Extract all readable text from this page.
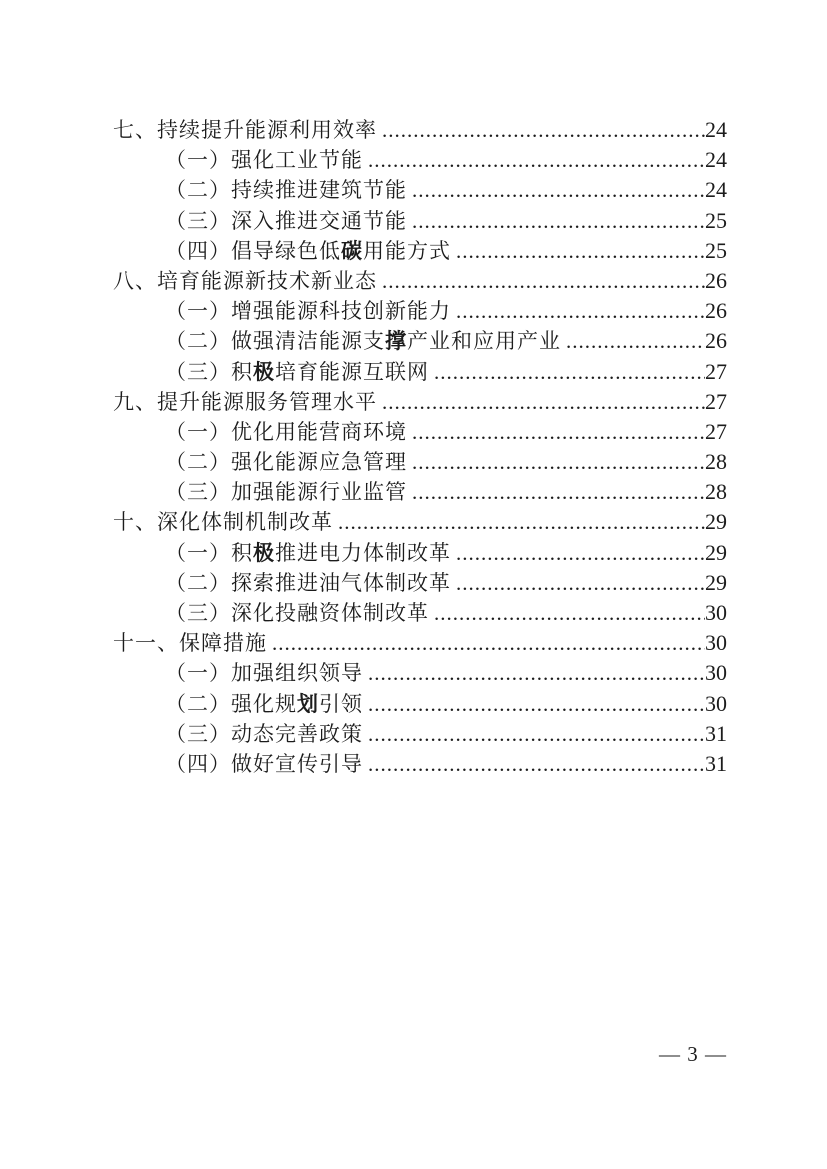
七、持续提升能源利用效率 .....	24
（一）强化工业节能 .....	24
（二）持续推进建筑节能 .....	24
（三）深入推进交通节能 .....	25
（四）倡导绿色低碳用能方式 .....	25
八、培育能源新技术新业态 .....	26
（一）增强能源科技创新能力 .....	26
（二）做强清洁能源支撑产业和应用产业 .....	26
（三）积极培育能源互联网 .....	27
九、提升能源服务管理水平 .....	27
（一）优化用能营商环境 .....	27
（二）强化能源应急管理 .....	28
（三）加强能源行业监管 .....	28
十、深化体制机制改革 .....	29
（一）积极推进电力体制改革 .....	29
（二）探索推进油气体制改革 .....	29
（三）深化投融资体制改革 .....	30
十一、保障措施 .....	30
（一）加强组织领导 .....	30
（二）强化规划引领 .....	30
（三）动态完善政策 .....	31
（四）做好宣传引导 .....	31
— 3 —
